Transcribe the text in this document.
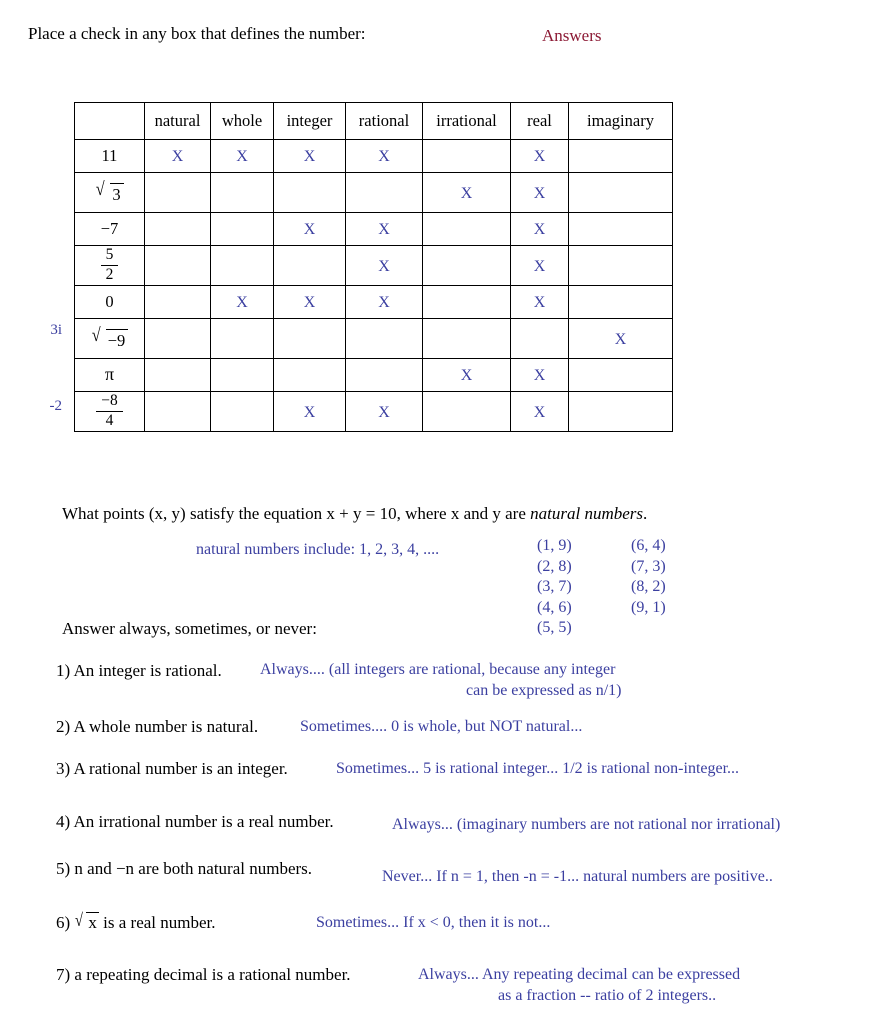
Place a check in any box that defines the number:	Answers
3i
-2
	natural	whole	integer	rational	irrational	real	imaginary
11	X	X	X	X		X	

√ 3					X	X	
−7			X	X		X	

$\frac{5}{2}$				X		X	
0		X	X	X		X	

√ −9							X
π					X	X	

$\frac{-8}{4}$			X	X		X	
What points (x, y) satisfy the equation x + y = 10, where x and y are natural numbers.
natural numbers include: 1, 2, 3, 4, ....	(1, 9)
(2, 8)
(3, 7)
(4, 6)
(5, 5)
(6, 4)
(7, 3)
(8, 2)
(9, 1)
Answer always, sometimes, or never:
1) An integer is rational. Always.... (all integers are rational, because any integer
can be expressed as n/1)
2) A whole number is natural.	Sometimes.... 0 is whole, but NOT natural...
3) A rational number is an integer.	Sometimes... 5 is rational integer... 1/2 is rational non-integer...
4) An irrational number is a real number.	Always... (imaginary numbers are not rational nor irrational)
5) n and −n are both natural numbers.	Never... If n = 1, then -n = -1... natural numbers are positive..
6) √ x is a real number.	Sometimes... If x < 0, then it is not...
7) a repeating decimal is a rational number.	Always... Any repeating decimal can be expressed
as a fraction -- ratio of 2 integers..
